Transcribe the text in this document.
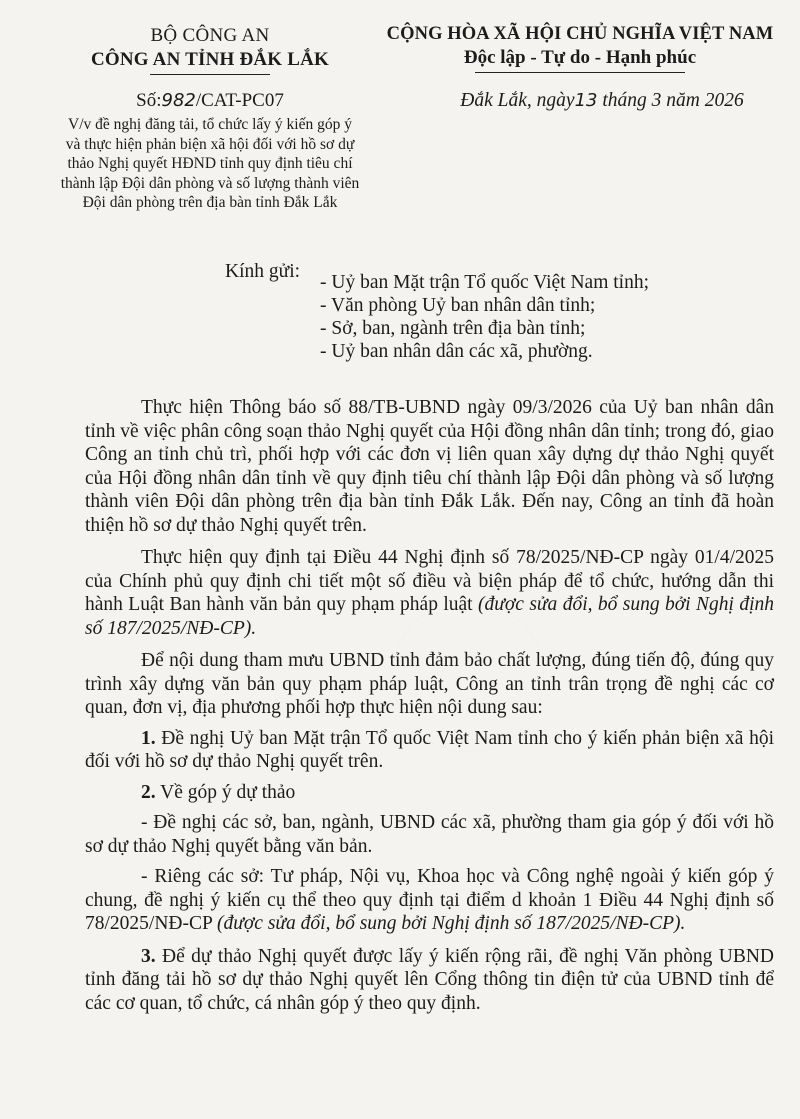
BỘ CÔNG AN
CÔNG AN TỈNH ĐẮK LẮK
Số:982/CAT-PC07
V/v đề nghị đăng tải, tổ chức lấy ý kiến góp ý và thực hiện phản biện xã hội đối với hồ sơ dự thảo Nghị quyết HĐND tỉnh quy định tiêu chí thành lập Đội dân phòng và số lượng thành viên Đội dân phòng trên địa bàn tỉnh Đắk Lắk
CỘNG HÒA XÃ HỘI CHỦ NGHĨA VIỆT NAM
Độc lập - Tự do - Hạnh phúc
Đắk Lắk, ngày13 tháng 3 năm 2026
Kính gửi:
- Uỷ ban Mặt trận Tổ quốc Việt Nam tỉnh;
- Văn phòng Uỷ ban nhân dân tỉnh;
- Sở, ban, ngành trên địa bàn tỉnh;
- Uỷ ban nhân dân các xã, phường.

Thực hiện Thông báo số 88/TB-UBND ngày 09/3/2026 của Uỷ ban nhân dân tỉnh về việc phân công soạn thảo Nghị quyết của Hội đồng nhân dân tỉnh; trong đó, giao Công an tỉnh chủ trì, phối hợp với các đơn vị liên quan xây dựng dự thảo Nghị quyết của Hội đồng nhân dân tỉnh về quy định tiêu chí thành lập Đội dân phòng và số lượng thành viên Đội dân phòng trên địa bàn tỉnh Đắk Lắk. Đến nay, Công an tỉnh đã hoàn thiện hồ sơ dự thảo Nghị quyết trên.

Thực hiện quy định tại Điều 44 Nghị định số 78/2025/NĐ-CP ngày 01/4/2025 của Chính phủ quy định chi tiết một số điều và biện pháp để tổ chức, hướng dẫn thi hành Luật Ban hành văn bản quy phạm pháp luật (được sửa đổi, bổ sung bởi Nghị định số 187/2025/NĐ-CP).

Để nội dung tham mưu UBND tỉnh đảm bảo chất lượng, đúng tiến độ, đúng quy trình xây dựng văn bản quy phạm pháp luật, Công an tỉnh trân trọng đề nghị các cơ quan, đơn vị, địa phương phối hợp thực hiện nội dung sau:

1. Đề nghị Uỷ ban Mặt trận Tổ quốc Việt Nam tỉnh cho ý kiến phản biện xã hội đối với hồ sơ dự thảo Nghị quyết trên.

2. Về góp ý dự thảo

- Đề nghị các sở, ban, ngành, UBND các xã, phường tham gia góp ý đối với hồ sơ dự thảo Nghị quyết bằng văn bản.

- Riêng các sở: Tư pháp, Nội vụ, Khoa học và Công nghệ ngoài ý kiến góp ý chung, đề nghị ý kiến cụ thể theo quy định tại điểm d khoản 1 Điều 44 Nghị định số 78/2025/NĐ-CP (được sửa đổi, bổ sung bởi Nghị định số 187/2025/NĐ-CP).

3. Để dự thảo Nghị quyết được lấy ý kiến rộng rãi, đề nghị Văn phòng UBND tỉnh đăng tải hồ sơ dự thảo Nghị quyết lên Cổng thông tin điện tử của UBND tỉnh để các cơ quan, tổ chức, cá nhân góp ý theo quy định.
